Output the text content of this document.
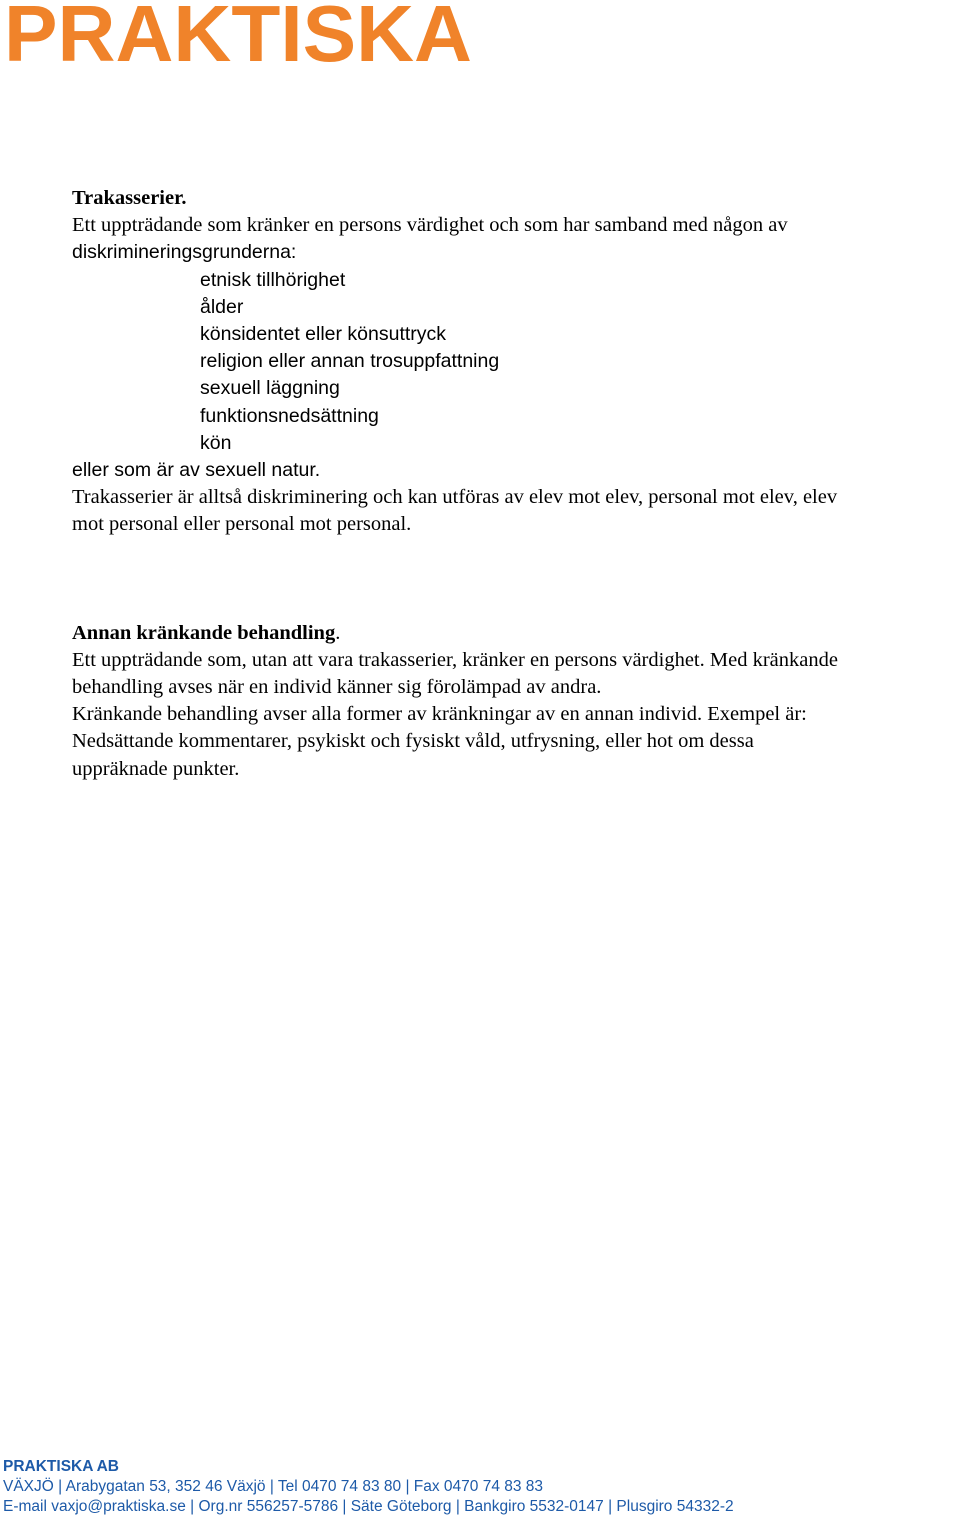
PRAKTISKA

Trakasserier.

Ett uppträdande som kränker en persons värdighet och som har samband med någon av

diskrimineringsgrunderna:

etnisk tillhörighet

ålder

könsidentet eller könsuttryck

religion eller annan trosuppfattning

sexuell läggning

funktionsnedsättning

kön

eller som är av sexuell natur.

Trakasserier är alltså diskriminering och kan utföras av elev mot elev, personal mot elev, elev

mot personal eller personal mot personal.

Annan kränkande behandling.

Ett uppträdande som, utan att vara trakasserier, kränker en persons värdighet. Med kränkande

behandling avses när en individ känner sig förolämpad av andra.

Kränkande behandling avser alla former av kränkningar av en annan individ. Exempel är:

Nedsättande kommentarer, psykiskt och fysiskt våld, utfrysning, eller hot om dessa

uppräknade punkter.

PRAKTISKA AB
VÄXJÖ | Arabygatan 53, 352 46 Växjö | Tel 0470 74 83 80 | Fax 0470 74 83 83
E-mail vaxjo@praktiska.se | Org.nr 556257-5786 | Säte Göteborg | Bankgiro 5532-0147 | Plusgiro 54332-2
